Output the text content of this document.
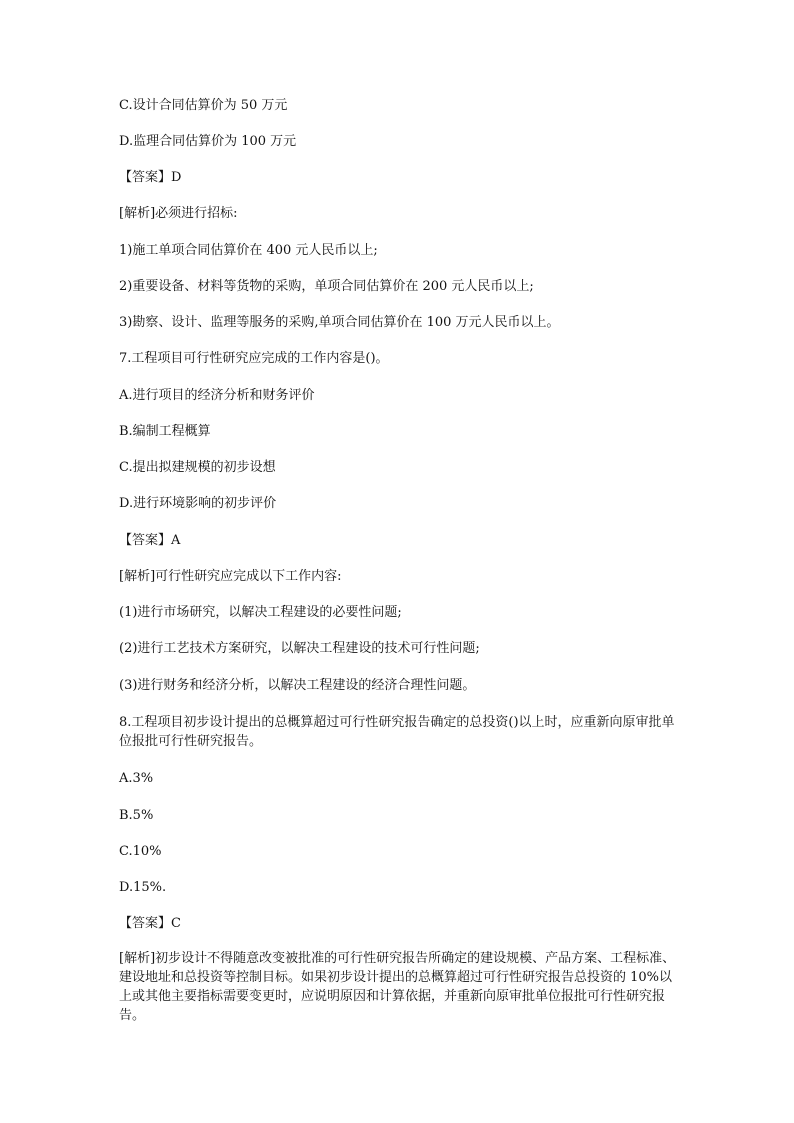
C.设计合同估算价为 50 万元
D.监理合同估算价为 100 万元
【答案】D
[解析]必须进行招标:
1)施工单项合同估算价在 400 元人民币以上;
2)重要设备、材料等货物的采购，单项合同估算价在 200 元人民币以上;
3)勘察、设计、监理等服务的采购,单项合同估算价在 100 万元人民币以上。
7.工程项目可行性研究应完成的工作内容是()。
A.进行项目的经济分析和财务评价
B.编制工程概算
C.提出拟建规模的初步设想
D.进行环境影响的初步评价
【答案】A
[解析]可行性研究应完成以下工作内容:
(1)进行市场研究，以解决工程建设的必要性问题;
(2)进行工艺技术方案研究，以解决工程建设的技术可行性问题;
(3)进行财务和经济分析，以解决工程建设的经济合理性问题。
8.工程项目初步设计提出的总概算超过可行性研究报告确定的总投资()以上时，应重新向原审批单位报批可行性研究报告。
A.3%
B.5%
C.10%
D.15%.
【答案】C
[解析]初步设计不得随意改变被批准的可行性研究报告所确定的建设规模、产品方案、工程标准、建设地址和总投资等控制目标。如果初步设计提出的总概算超过可行性研究报告总投资的 10%以上或其他主要指标需要变更时，应说明原因和计算依据，并重新向原审批单位报批可行性研究报告。
